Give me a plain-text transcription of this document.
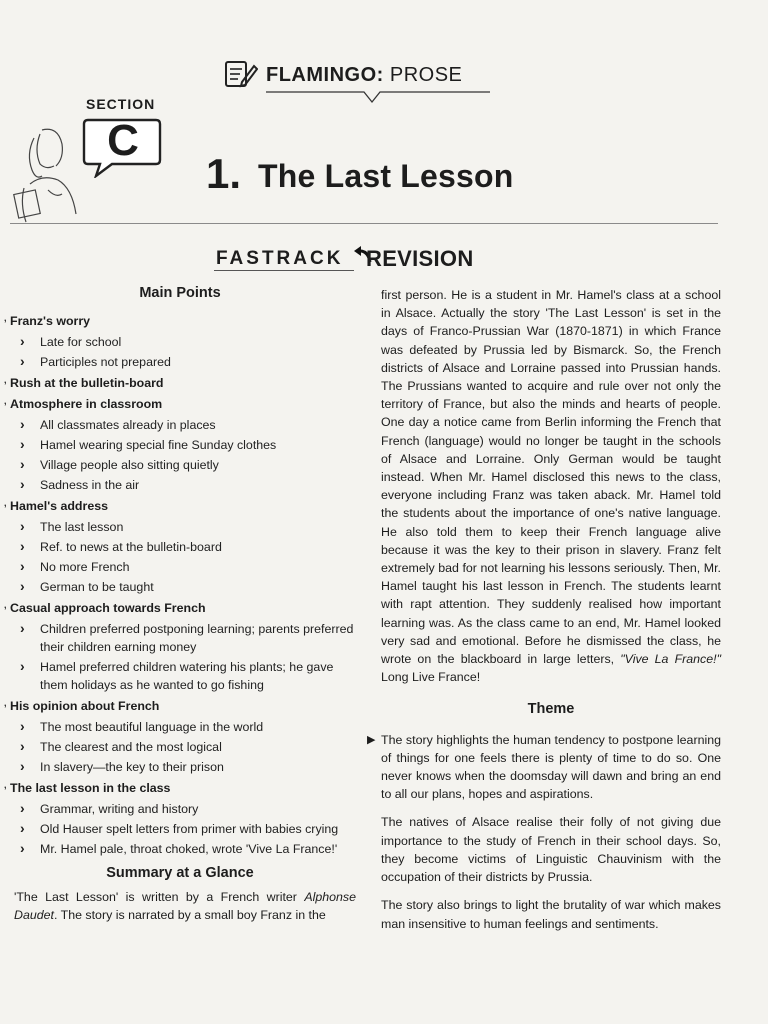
FLAMINGO: PROSE
SECTION
C
1. The Last Lesson
FASTRACK REVISION
Main Points
, Franz's worry
› Late for school
› Participles not prepared
, Rush at the bulletin-board
, Atmosphere in classroom
› All classmates already in places
› Hamel wearing special fine Sunday clothes
› Village people also sitting quietly
› Sadness in the air
, Hamel's address
› The last lesson
› Ref. to news at the bulletin-board
› No more French
› German to be taught
, Casual approach towards French
› Children preferred postponing learning; parents preferred their children earning money
› Hamel preferred children watering his plants; he gave them holidays as he wanted to go fishing
, His opinion about French
› The most beautiful language in the world
› The clearest and the most logical
› In slavery—the key to their prison
, The last lesson in the class
› Grammar, writing and history
› Old Hauser spelt letters from primer with babies crying
› Mr. Hamel pale, throat choked, wrote 'Vive La France!'
Summary at a Glance
'The Last Lesson' is written by a French writer Alphonse Daudet. The story is narrated by a small boy Franz in the
first person. He is a student in Mr. Hamel's class at a school in Alsace. Actually the story 'The Last Lesson' is set in the days of Franco-Prussian War (1870-1871) in which France was defeated by Prussia led by Bismarck. So, the French districts of Alsace and Lorraine passed into Prussian hands. The Prussians wanted to acquire and rule over not only the territory of France, but also the minds and hearts of people. One day a notice came from Berlin informing the French that French (language) would no longer be taught in the schools of Alsace and Lorraine. Only German would be taught instead. When Mr. Hamel disclosed this news to the class, everyone including Franz was taken aback. Mr. Hamel told the students about the importance of one's native language. He also told them to keep their French language alive because it was the key to their prison in slavery. Franz felt extremely bad for not learning his lessons seriously. Then, Mr. Hamel taught his last lesson in French. The students learnt with rapt attention. They suddenly realised how important learning was. As the class came to an end, Mr. Hamel looked very sad and emotional. Before he dismissed the class, he wrote on the blackboard in large letters, "Vive La France!" Long Live France!
Theme
▶ The story highlights the human tendency to postpone learning of things for one feels there is plenty of time to do so. One never knows when the doomsday will dawn and bring an end to all our plans, hopes and aspirations.
The natives of Alsace realise their folly of not giving due importance to the study of French in their school days. So, they become victims of Linguistic Chauvinism with the occupation of their districts by Prussia.
The story also brings to light the brutality of war which makes man insensitive to human feelings and sentiments.
